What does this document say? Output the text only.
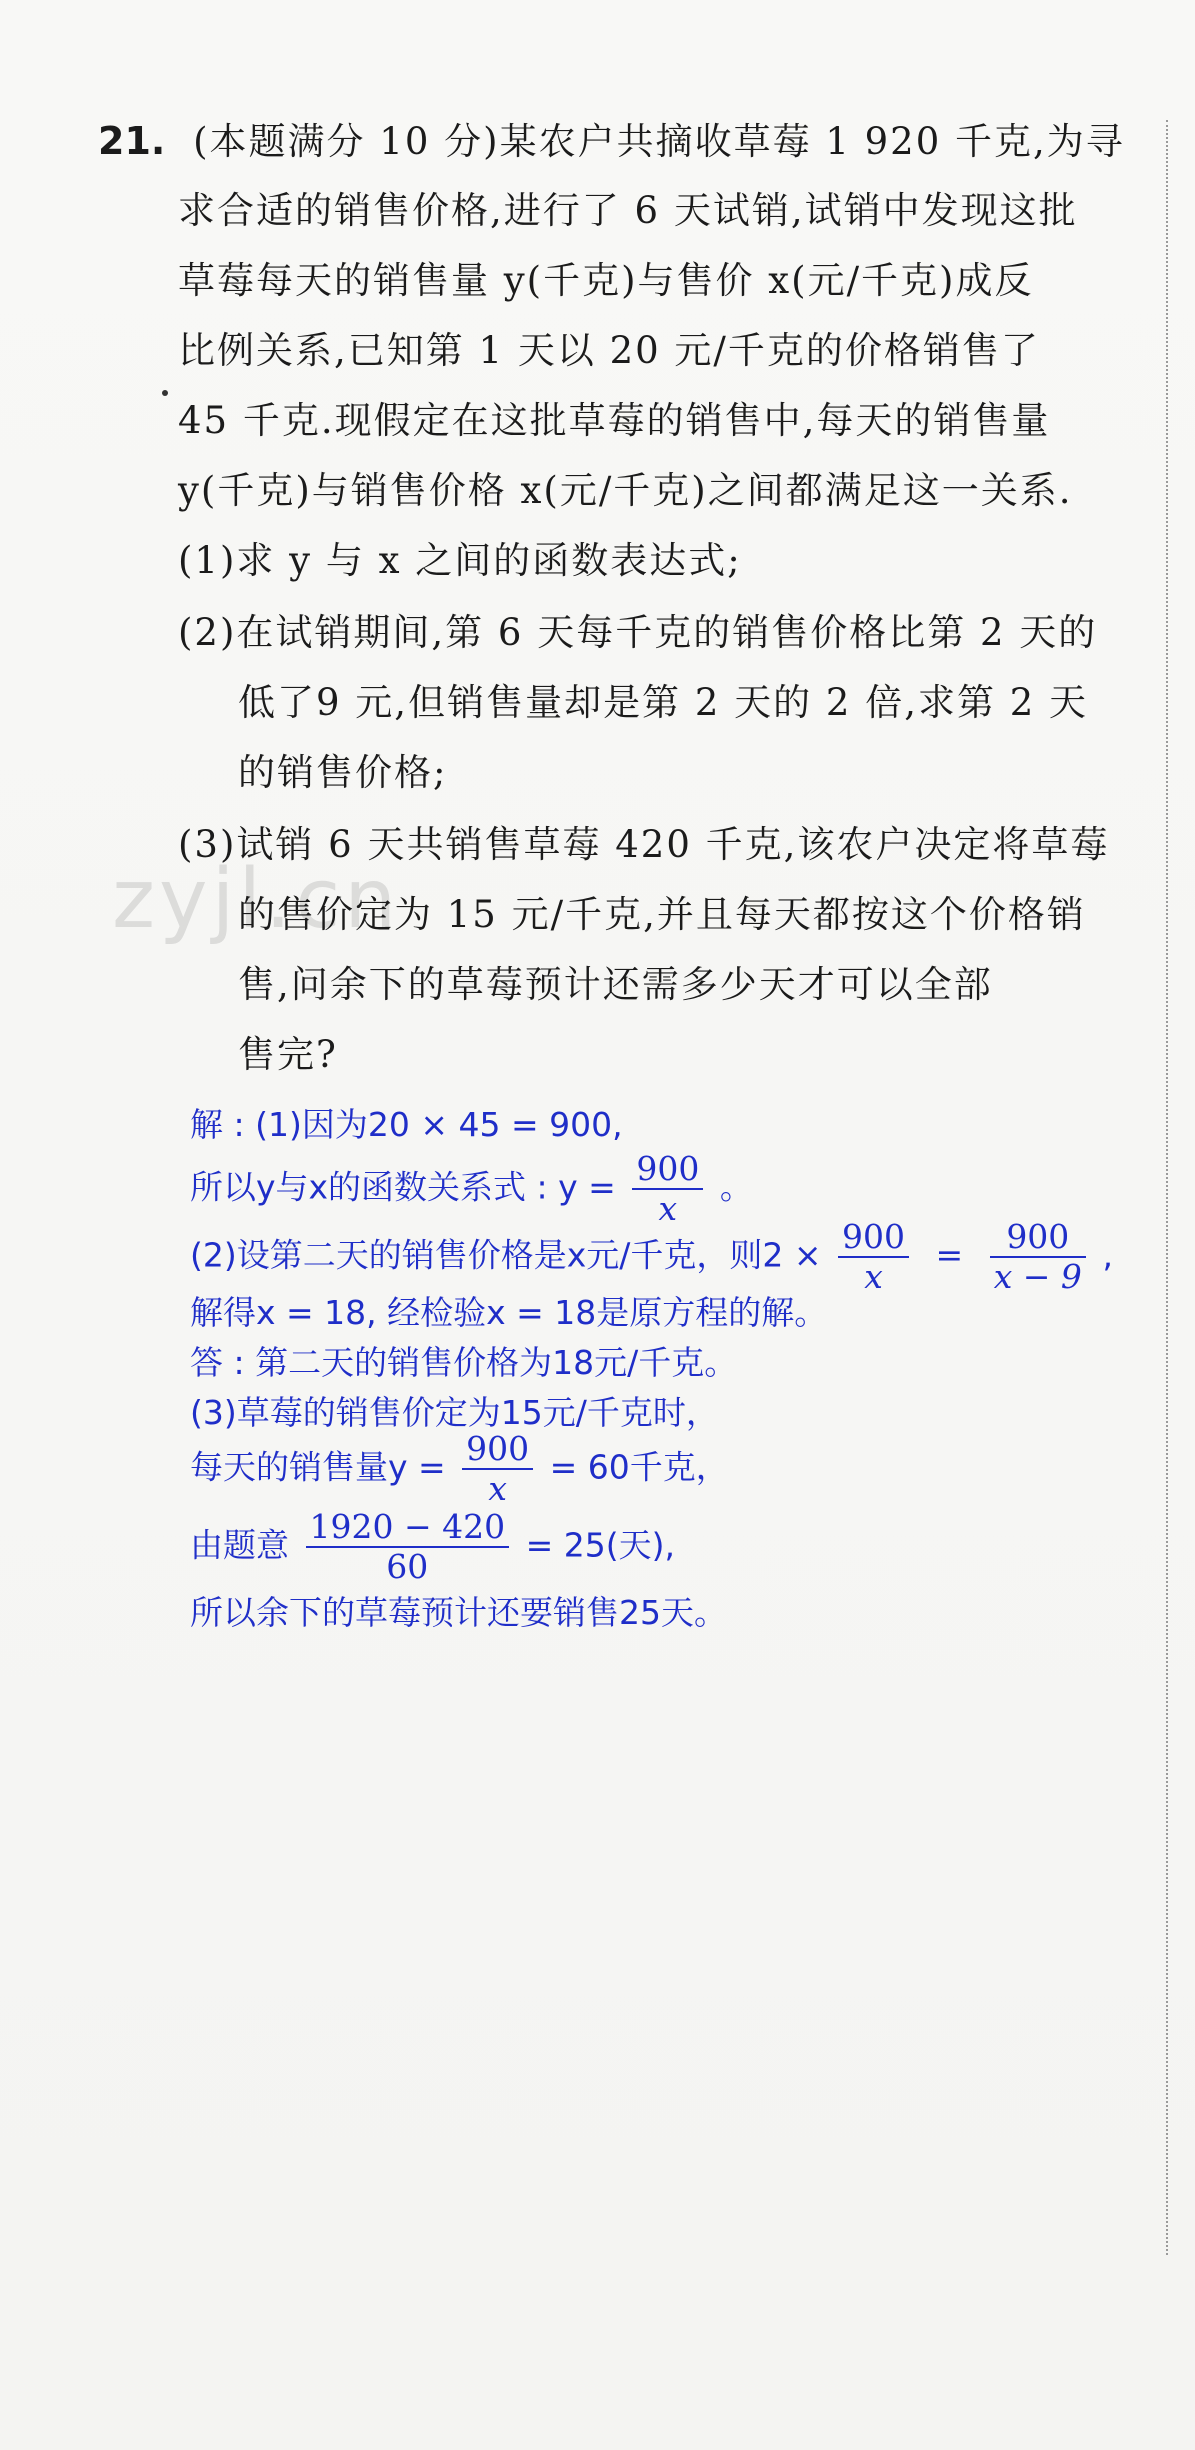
zyjl.cn
21. (本题满分 10 分)某农户共摘收草莓 1 920 千克,为寻
求合适的销售价格,进行了 6 天试销,试销中发现这批
草莓每天的销售量 y(千克)与售价 x(元/千克)成反
比例关系,已知第 1 天以 20 元/千克的价格销售了
45 千克.现假定在这批草莓的销售中,每天的销售量
y(千克)与销售价格 x(元/千克)之间都满足这一关系.
(1)求 y 与 x 之间的函数表达式;
(2)在试销期间,第 6 天每千克的销售价格比第 2 天的
低了9 元,但销售量却是第 2 天的 2 倍,求第 2 天
的销售价格;
(3)试销 6 天共销售草莓 420 千克,该农户决定将草莓
的售价定为 15 元/千克,并且每天都按这个价格销
售,问余下的草莓预计还需多少天才可以全部
售完?
解 : (1)因为20 × 45 = 900,
所以y与x的函数关系式 : $y = \frac{900}{x}$ 。
(2)设第二天的销售价格是x元/千克，则$2 \times \frac{900}{x} = \frac{900}{x - 9}$ ,
解得x = 18, 经检验x = 18是原方程的解。
答 : 第二天的销售价格为18元/千克。
(3)草莓的销售价定为15元/千克时，
每天的销售量$y = \frac{900}{x} = 60$千克，
由题意 $\frac{1920 - 420}{60} = 25$(天),
所以余下的草莓预计还要销售25天。
